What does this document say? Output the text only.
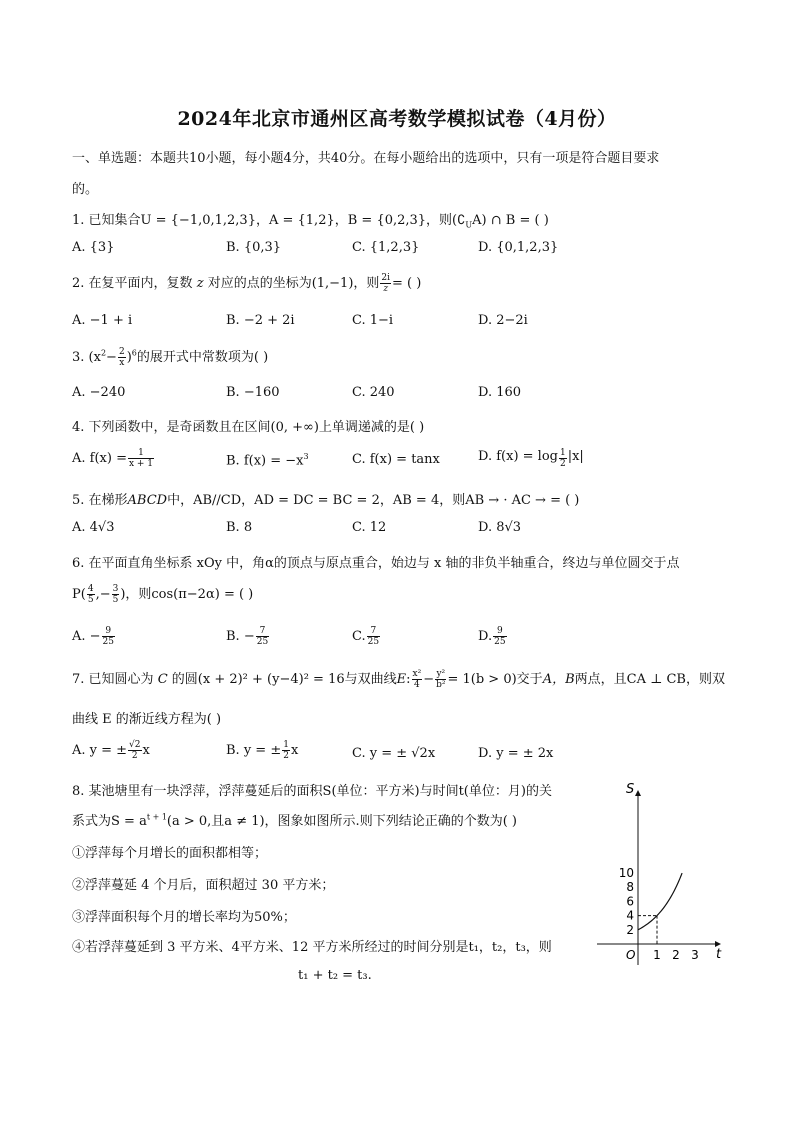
2024年北京市通州区高考数学模拟试卷（4月份）
一、单选题：本题共10小题，每小题4分，共40分。在每小题给出的选项中，只有一项是符合题目要求
的。
1. 已知集合U = {−1,0,1,2,3}，A = {1,2}，B = {0,2,3}，则$(∁_UA)$ ∩ B = ( )
A. {3}	B. {0,3}	C. {1,2,3}	D. {0,1,2,3}
2. 在复平面内，复数 z 对应的点的坐标为(1,−1)，则 $\frac{2i}{z}$ = ( )
A. −1 + i	B. −2 + 2i	C. 1−i	D. 2−2i
3. $(x^2- \frac{2}{x} )^6$的展开式中常数项为( )
A. −240	B. −160	C. 240	D. 160
4. 下列函数中，是奇函数且在区间(0, +∞)上单调递减的是( )
A. $f(x) = \frac{1}{x + 1}$	B. $f(x) = -x^3$	C. f(x) = tanx	D. $f(x) = \log \frac{1}{2} |x|$
5. 在梯形ABCD中，AB//CD，AD = DC = BC = 2，AB = 4，则AB → · AC → = ( )
A. 4√3	B. 8	C. 12	D. 8√3
6. 在平面直角坐标系 xOy 中，角α的顶点与原点重合，始边与 x 轴的非负半轴重合，终边与单位圆交于点
$P( \frac{4}{5}$ ,− $\frac{3}{5}$ )，则cos(π−2α) = ( )
A. − $\frac{9}{25}$	B. − $\frac{7}{25}$	C. $\frac{7}{25}$	D. $\frac{9}{25}$
7. 已知圆心为 C 的圆(x + 2)² + (y−4)² = 16与双曲线E: $\frac{\text{x²}}{4} - \frac{\text{y²}}{\text{b²}} = 1(b > 0)$交于A，B两点，且CA ⊥ CB，则双
曲线 E 的渐近线方程为( )
A. y = ± $\frac{√2}{2}$ x	B. y = ± $\frac{1}{2}$ x	C. y = ± √2x	D. y = ± 2x
8. 某池塘里有一块浮萍，浮萍蔓延后的面积S(单位：平方米)与时间t(单位：月)的关
系式为$S = a^{t + 1}(a > 0$,且a ≠ 1)，图象如图所示.则下列结论正确的个数为( )
①浮萍每个月增长的面积都相等；
②浮萍蔓延 4 个月后，面积超过 30 平方米；
③浮萍面积每个月的增长率均为50%；
④若浮萍蔓延到 3 平方米、4平方米、12 平方米所经过的时间分别是t₁，t₂，t₃，则
t₁ + t₂ = t₃.
S
t
O
10
8
6
4
2
1 2 3
